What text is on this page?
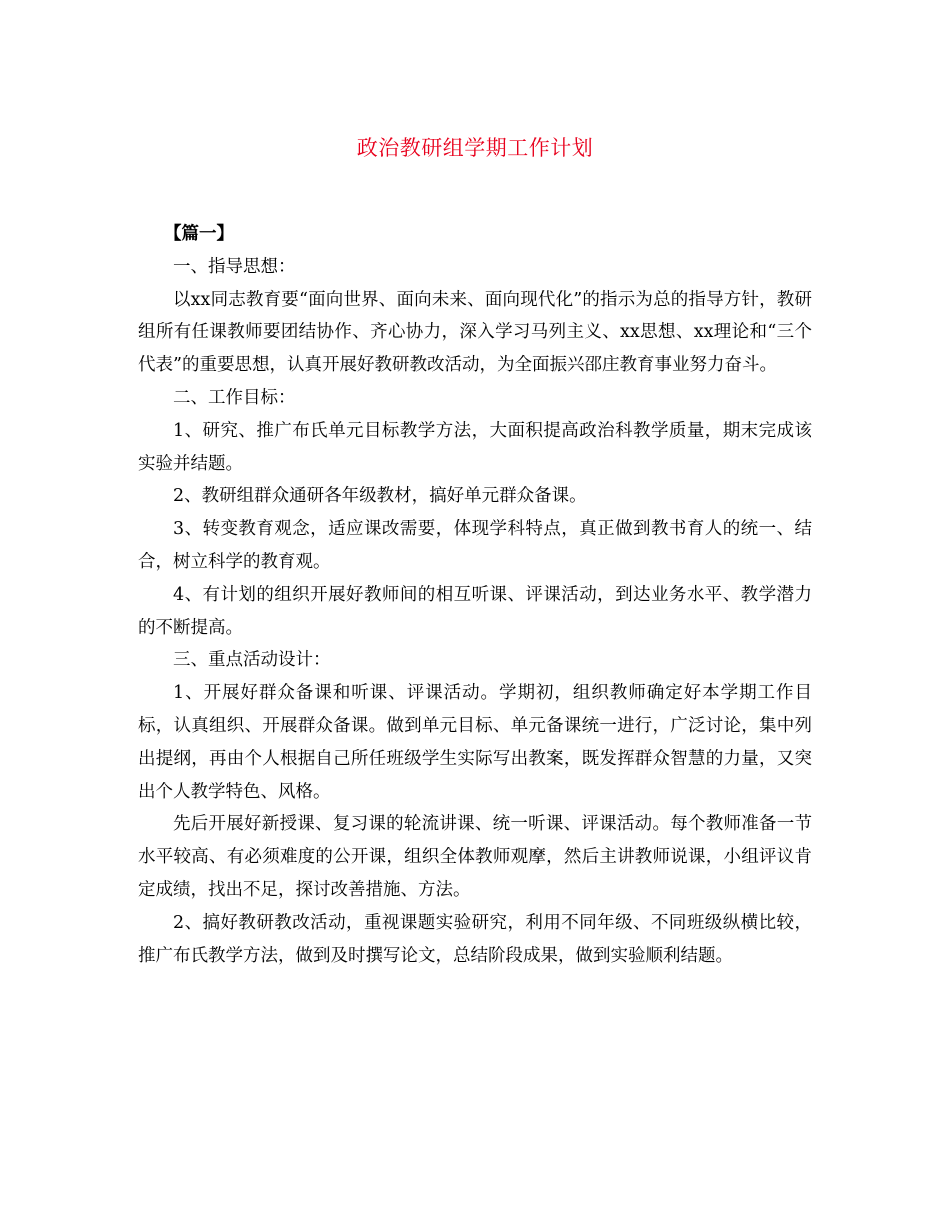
政治教研组学期工作计划

【篇一】

一、指导思想：

以xx同志教育要“面向世界、面向未来、面向现代化”的指示为总的指导方针，教研组所有任课教师要团结协作、齐心协力，深入学习马列主义、xx思想、xx理论和“三个代表”的重要思想，认真开展好教研教改活动，为全面振兴邵庄教育事业努力奋斗。

二、工作目标：

1、研究、推广布氏单元目标教学方法，大面积提高政治科教学质量，期末完成该实验并结题。

2、教研组群众通研各年级教材，搞好单元群众备课。

3、转变教育观念，适应课改需要，体现学科特点，真正做到教书育人的统一、结合，树立科学的教育观。

4、有计划的组织开展好教师间的相互听课、评课活动，到达业务水平、教学潜力的不断提高。

三、重点活动设计：

1、开展好群众备课和听课、评课活动。学期初，组织教师确定好本学期工作目标，认真组织、开展群众备课。做到单元目标、单元备课统一进行，广泛讨论，集中列出提纲，再由个人根据自己所任班级学生实际写出教案，既发挥群众智慧的力量，又突出个人教学特色、风格。

先后开展好新授课、复习课的轮流讲课、统一听课、评课活动。每个教师准备一节水平较高、有必须难度的公开课，组织全体教师观摩，然后主讲教师说课，小组评议肯定成绩，找出不足，探讨改善措施、方法。

2、搞好教研教改活动，重视课题实验研究，利用不同年级、不同班级纵横比较，推广布氏教学方法，做到及时撰写论文，总结阶段成果，做到实验顺利结题。
